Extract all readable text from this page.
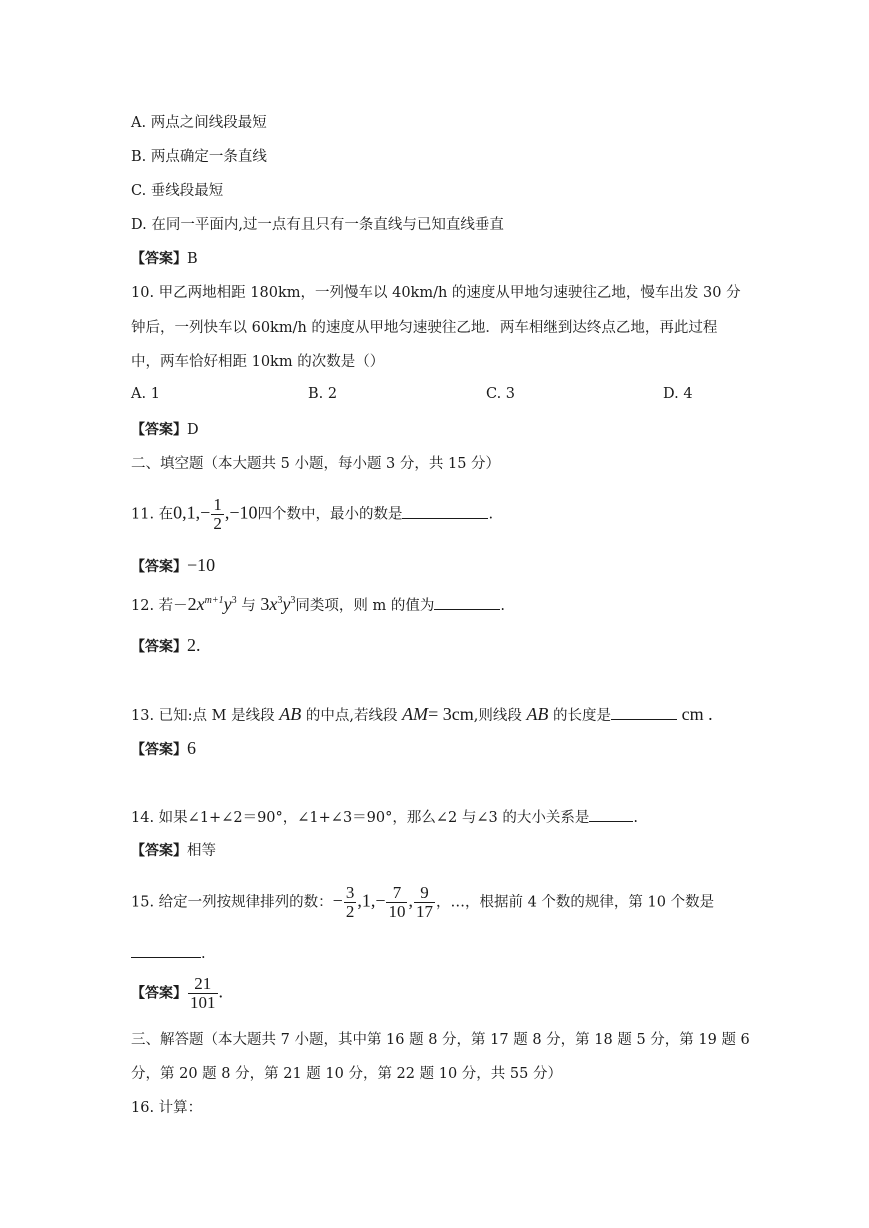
A. 两点之间线段最短
B. 两点确定一条直线
C. 垂线段最短
D. 在同一平面内,过一点有且只有一条直线与已知直线垂直
【答案】B
10. 甲乙两地相距 180km，一列慢车以 40km/h 的速度从甲地匀速驶往乙地，慢车出发 30 分
钟后，一列快车以 60km/h 的速度从甲地匀速驶往乙地．两车相继到达终点乙地，再此过程
中，两车恰好相距 10km 的次数是（）
A. 1	B. 2	C. 3	D. 4
【答案】D
二、填空题（本大题共 5 小题，每小题 3 分，共 15 分）
11. 在$0,1,- \frac{1}{2} ,-10$四个数中，最小的数是	.
【答案】−10
12. 若$-2x^{m+1}y^3$ 与 $3x^3y^3$同类项，则 m 的值为	.
【答案】2.
13. 已知:点 M 是线段 AB 的中点,若线段 AM= 3cm,则线段 AB 的长度是	cm .
【答案】6
14. 如果∠1+∠2＝90°，∠1+∠3＝90°，那么∠2 与∠3 的大小关系是	.
【答案】相等
15. 给定一列按规律排列的数：− $\frac{3}{2} ,1,- \frac{7}{10}$ , $\frac{9}{17}$ ，…，根据前 4 个数的规律，第 10 个数是
.
【答案】 $\frac{21}{101}$ .
三、解答题（本大题共 7 小题，其中第 16 题 8 分，第 17 题 8 分，第 18 题 5 分，第 19 题 6
分，第 20 题 8 分，第 21 题 10 分，第 22 题 10 分，共 55 分）
16. 计算：
